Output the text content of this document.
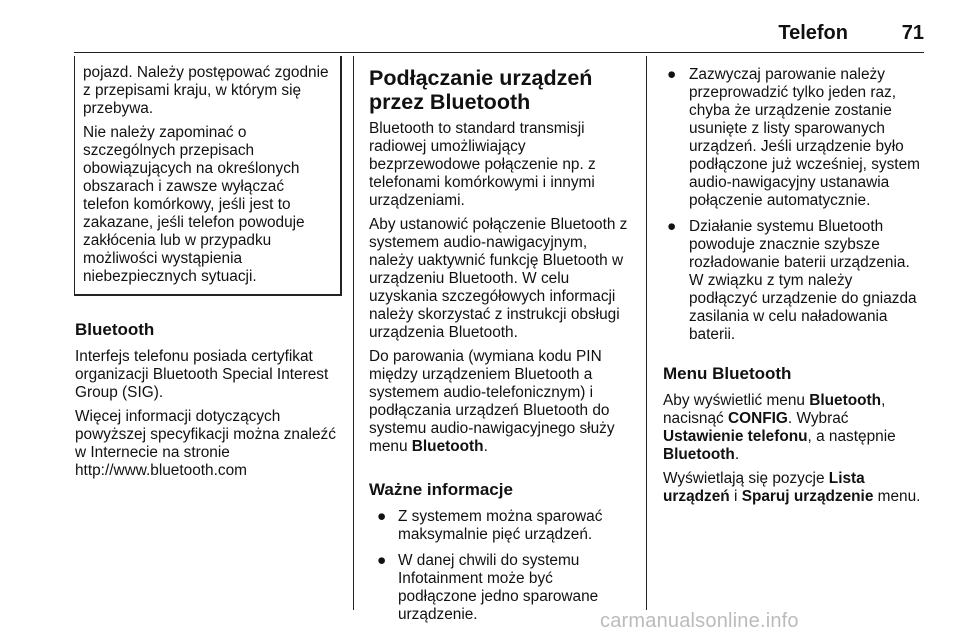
Telefon	71

pojazd. Należy postępować zgodnie z przepisami kraju, w którym się przebywa.

Nie należy zapominać o szczególnych przepisach obowiązujących na określonych obszarach i zawsze wyłączać telefon komórkowy, jeśli jest to zakazane, jeśli telefon powoduje zakłócenia lub w przypadku możliwości wystąpienia niebezpiecznych sytuacji.

Bluetooth

Interfejs telefonu posiada certyfikat organizacji Bluetooth Special Interest Group (SIG).

Więcej informacji dotyczących powyższej specyfikacji można znaleźć w Internecie na stronie http://www.bluetooth.com

Podłączanie urządzeń przez Bluetooth

Bluetooth to standard transmisji radiowej umożliwiający bezprzewodowe połączenie np. z telefonami komórkowymi i innymi urządzeniami.

Aby ustanowić połączenie Bluetooth z systemem audio-nawigacyjnym, należy uaktywnić funkcję Bluetooth w urządzeniu Bluetooth. W celu uzyskania szczegółowych informacji należy skorzystać z instrukcji obsługi urządzenia Bluetooth.

Do parowania (wymiana kodu PIN między urządzeniem Bluetooth a systemem audio-telefonicznym) i podłączania urządzeń Bluetooth do systemu audio-nawigacyjnego służy menu Bluetooth.

Ważne informacje
● Z systemem można sparować maksymalnie pięć urządzeń.
● W danej chwili do systemu Infotainment może być podłączone jedno sparowane urządzenie.
● Zazwyczaj parowanie należy przeprowadzić tylko jeden raz, chyba że urządzenie zostanie usunięte z listy sparowanych urządzeń. Jeśli urządzenie było podłączone już wcześniej, system audio-nawigacyjny ustanawia połączenie automatycznie.
● Działanie systemu Bluetooth powoduje znacznie szybsze rozładowanie baterii urządzenia. W związku z tym należy podłączyć urządzenie do gniazda zasilania w celu naładowania baterii.
Menu Bluetooth

Aby wyświetlić menu Bluetooth, nacisnąć CONFIG. Wybrać Ustawienie telefonu, a następnie Bluetooth.

Wyświetlają się pozycje Lista urządzeń i Sparuj urządzenie menu.

carmanualsonline.info
